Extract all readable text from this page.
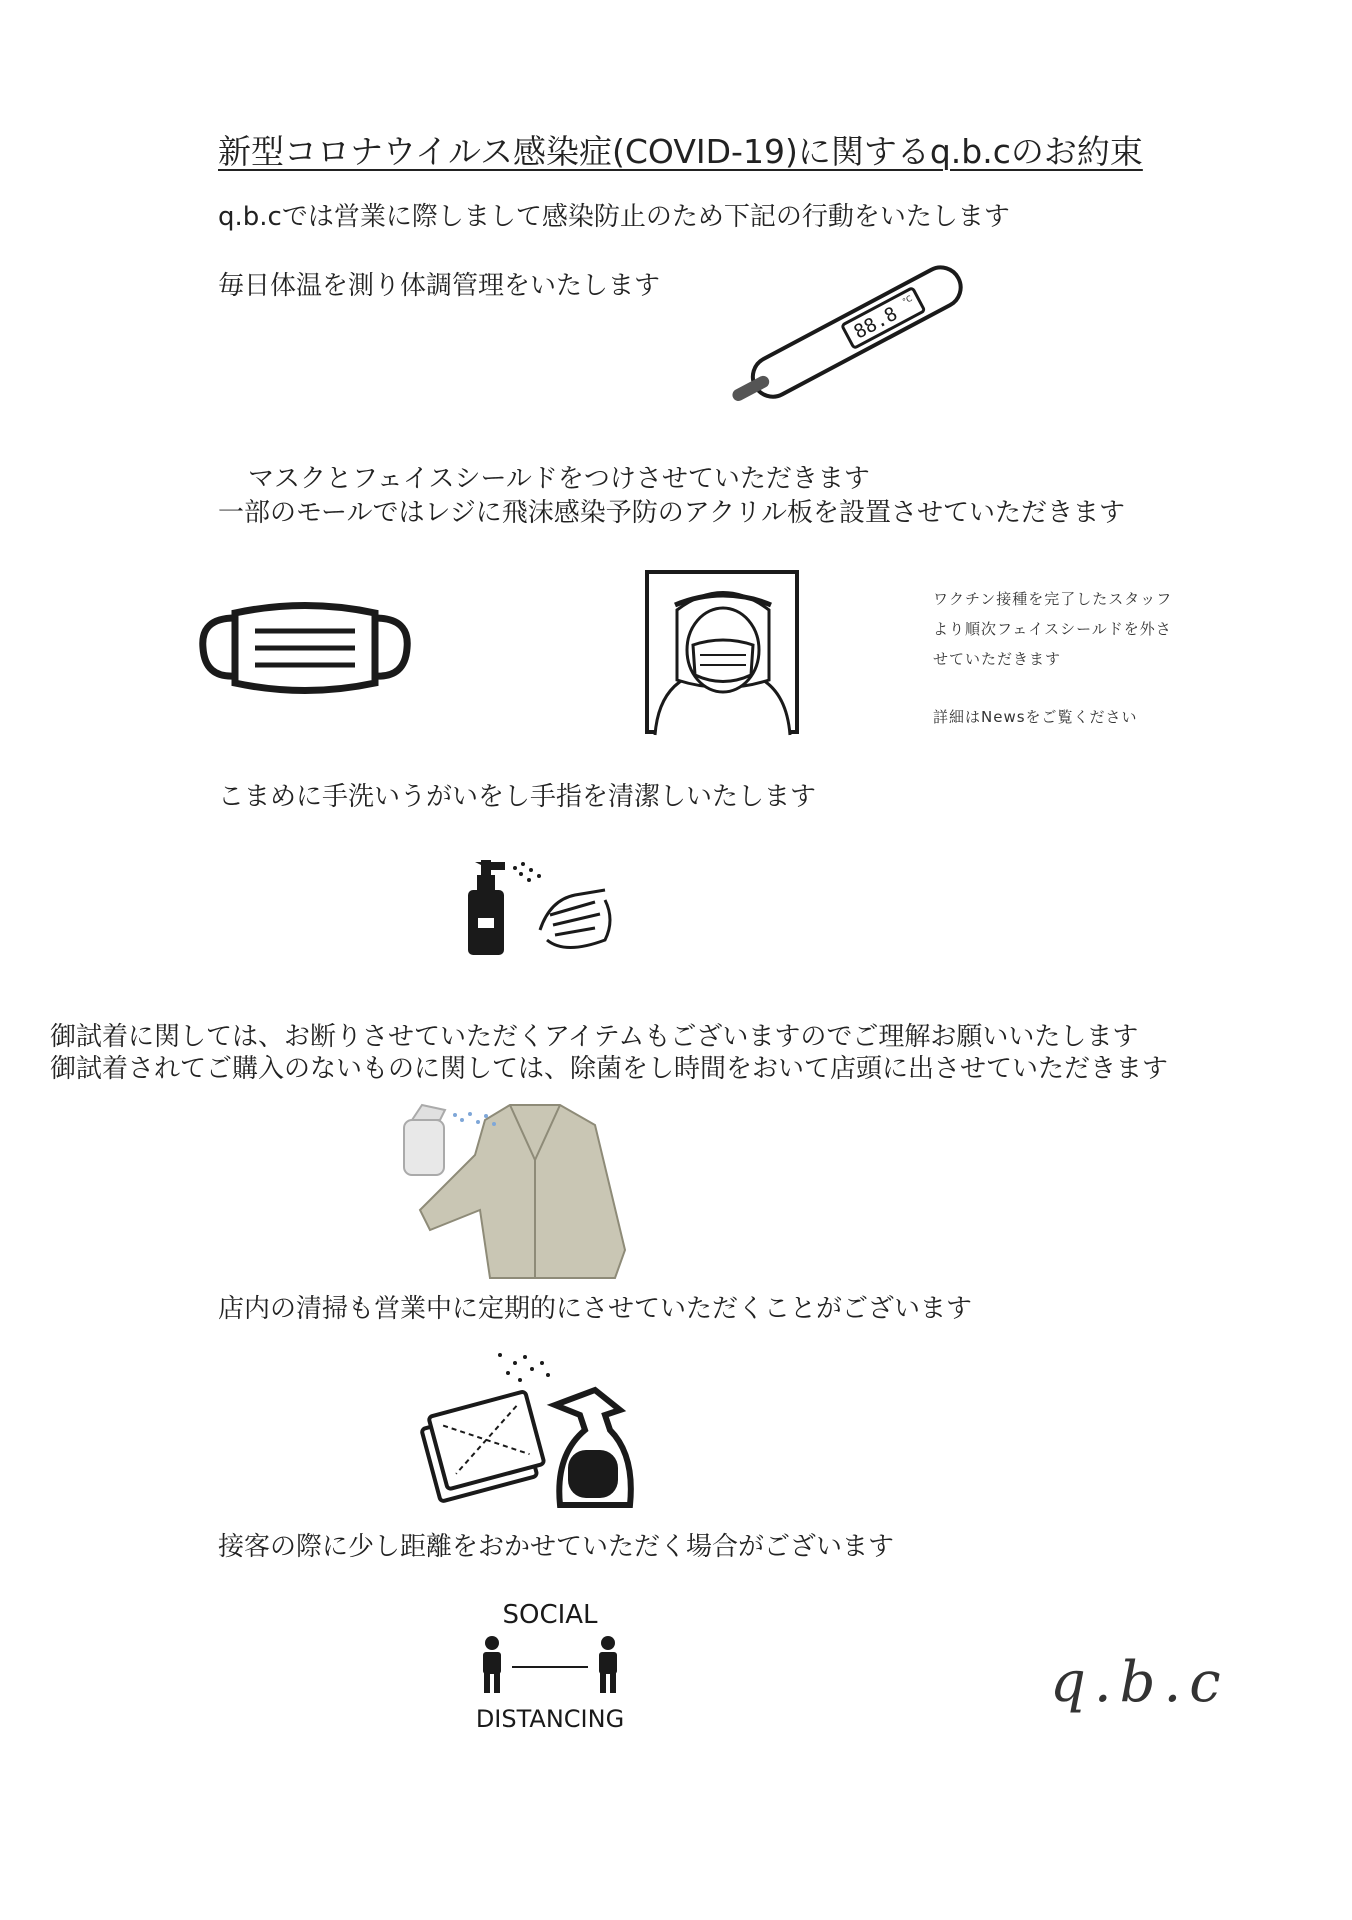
新型コロナウイルス感染症(COVID-19)に関するq.b.cのお約束
q.b.cでは営業に際しまして感染防止のため下記の行動をいたします
毎日体温を測り体調管理をいたします
88.8
°C
マスクとフェイスシールドをつけさせていただきます
一部のモールではレジに飛沫感染予防のアクリル板を設置させていただきます
ワクチン接種を完了したスタッフ
より順次フェイスシールドを外さ
せていただきます
詳細はNewsをご覧ください
こまめに手洗いうがいをし手指を清潔しいたします
御試着に関しては、お断りさせていただくアイテムもございますのでご理解お願いいたします
御試着されてご購入のないものに関しては、除菌をし時間をおいて店頭に出させていただきます
店内の清掃も営業中に定期的にさせていただくことがございます
接客の際に少し距離をおかせていただく場合がございます
SOCIAL
DISTANCING
q.b.c
